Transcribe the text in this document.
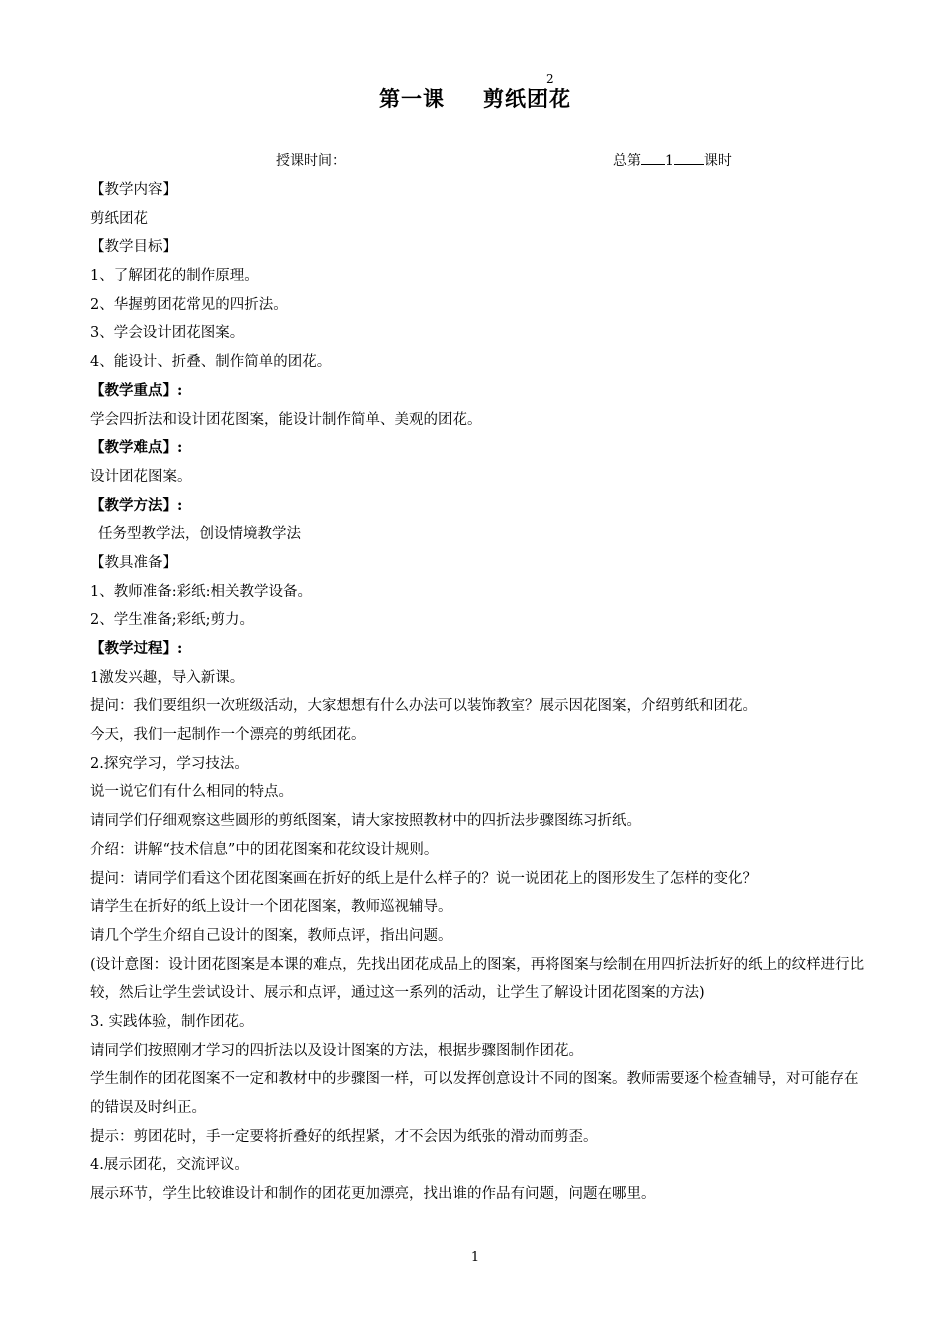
2
第一课 剪纸团花
授课时间：	总第 1 课时
【教学内容】
剪纸团花
【教学目标】
1、了解团花的制作原理。
2、华握剪团花常见的四折法。
3、学会设计团花图案。
4、能设计、折叠、制作简单的团花。
【教学重点】:
学会四折法和设计团花图案，能设计制作简单、美观的团花。
【教学难点】:
设计团花图案。
【教学方法】:
任务型教学法，创设情境教学法
【教具准备】
1、教师准备:彩纸:相关教学设备。
2、学生准备;彩纸;剪力。
【教学过程】:
1激发兴趣，导入新课。
提问：我们要组织一次班级活动，大家想想有什么办法可以装饰教室？展示因花图案，介绍剪纸和团花。
今天，我们一起制作一个漂亮的剪纸团花。
2.探究学习，学习技法。
说一说它们有什么相同的特点。
请同学们仔细观察这些圆形的剪纸图案，请大家按照教材中的四折法步骤图练习折纸。
介绍：讲解“技术信息”中的团花图案和花纹设计规则。
提问：请同学们看这个团花图案画在折好的纸上是什么样子的？说一说团花上的图形发生了怎样的变化？
请学生在折好的纸上设计一个团花图案，教师巡视辅导。
请几个学生介绍自己设计的图案，教师点评，指出问题。
(设计意图：设计团花图案是本课的难点，先找出团花成品上的图案，再将图案与绘制在用四折法折好的纸上的纹样进行比较，然后让学生尝试设计、展示和点评，通过这一系列的活动，让学生了解设计团花图案的方法)
3. 实践体验，制作团花。
请同学们按照刚才学习的四折法以及设计图案的方法，根据步骤图制作团花。
学生制作的团花图案不一定和教材中的步骤图一样，可以发挥创意设计不同的图案。教师需要逐个检查辅导，对可能存在的错误及时纠正。
提示：剪团花时，手一定要将折叠好的纸捏紧，才不会因为纸张的滑动而剪歪。
4.展示团花，交流评议。
展示环节，学生比较谁设计和制作的团花更加漂亮，找出谁的作品有问题，问题在哪里。
1
